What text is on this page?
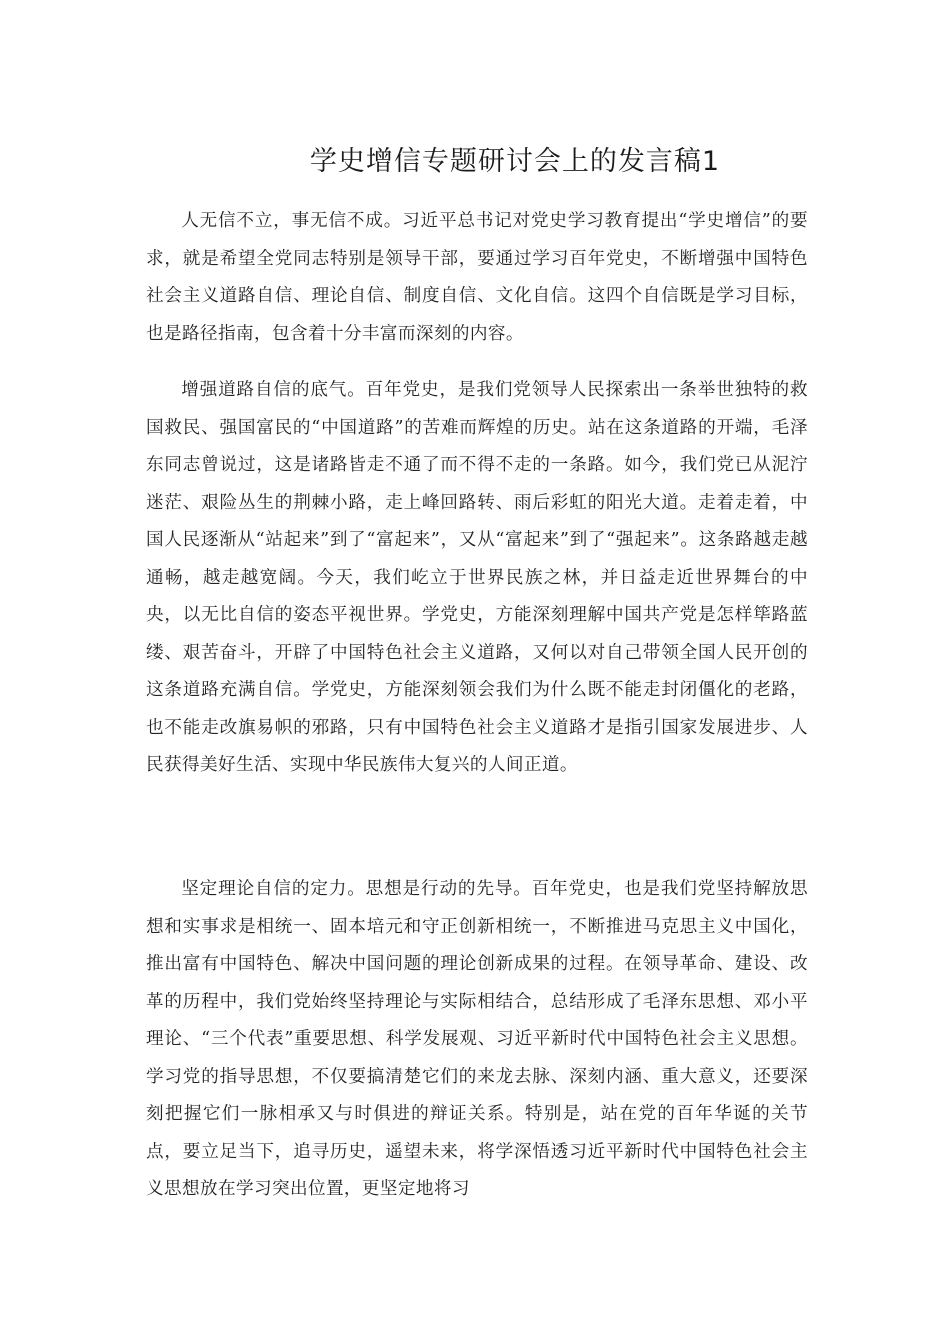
学史增信专题研讨会上的发言稿1

人无信不立，事无信不成。习近平总书记对党史学习教育提出“学史增信”的要求，就是希望全党同志特别是领导干部，要通过学习百年党史，不断增强中国特色社会主义道路自信、理论自信、制度自信、文化自信。这四个自信既是学习目标，也是路径指南，包含着十分丰富而深刻的内容。

增强道路自信的底气。百年党史，是我们党领导人民探索出一条举世独特的救国救民、强国富民的“中国道路”的苦难而辉煌的历史。站在这条道路的开端，毛泽东同志曾说过，这是诸路皆走不通了而不得不走的一条路。如今，我们党已从泥泞迷茫、艰险丛生的荆棘小路，走上峰回路转、雨后彩虹的阳光大道。走着走着，中国人民逐渐从“站起来”到了“富起来”，又从“富起来”到了“强起来”。这条路越走越通畅，越走越宽阔。今天，我们屹立于世界民族之林，并日益走近世界舞台的中央，以无比自信的姿态平视世界。学党史，方能深刻理解中国共产党是怎样筚路蓝缕、艰苦奋斗，开辟了中国特色社会主义道路，又何以对自己带领全国人民开创的这条道路充满自信。学党史，方能深刻领会我们为什么既不能走封闭僵化的老路，也不能走改旗易帜的邪路，只有中国特色社会主义道路才是指引国家发展进步、人民获得美好生活、实现中华民族伟大复兴的人间正道。

坚定理论自信的定力。思想是行动的先导。百年党史，也是我们党坚持解放思想和实事求是相统一、固本培元和守正创新相统一，不断推进马克思主义中国化，推出富有中国特色、解决中国问题的理论创新成果的过程。在领导革命、建设、改革的历程中，我们党始终坚持理论与实际相结合，总结形成了毛泽东思想、邓小平理论、“三个代表”重要思想、科学发展观、习近平新时代中国特色社会主义思想。学习党的指导思想，不仅要搞清楚它们的来龙去脉、深刻内涵、重大意义，还要深刻把握它们一脉相承又与时俱进的辩证关系。特别是，站在党的百年华诞的关节点，要立足当下，追寻历史，遥望未来，将学深悟透习近平新时代中国特色社会主义思想放在学习突出位置，更坚定地将习
